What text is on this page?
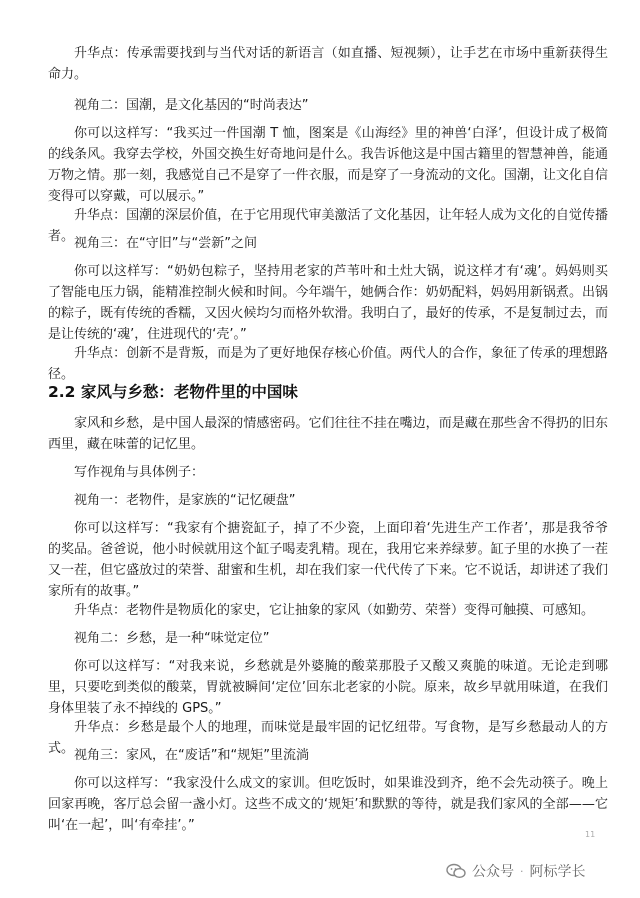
升华点：传承需要找到与当代对话的新语言（如直播、短视频），让手艺在市场中重新获得生命力。

视角二：国潮，是文化基因的“时尚表达”

你可以这样写：“我买过一件国潮 T 恤，图案是《山海经》里的神兽‘白泽’，但设计成了极简的线条风。我穿去学校，外国交换生好奇地问是什么。我告诉他这是中国古籍里的智慧神兽，能通万物之情。那一刻，我感觉自己不是穿了一件衣服，而是穿了一身流动的文化。国潮，让文化自信变得可以穿戴，可以展示。”

升华点：国潮的深层价值，在于它用现代审美激活了文化基因，让年轻人成为文化的自觉传播者。 视角三：在“守旧”与“尝新”之间

你可以这样写：“奶奶包粽子，坚持用老家的芦苇叶和土灶大锅，说这样才有‘魂’。妈妈则买了智能电压力锅，能精准控制火候和时间。今年端午，她俩合作：奶奶配料，妈妈用新锅煮。出锅的粽子，既有传统的香糯，又因火候均匀而格外软滑。我明白了，最好的传承，不是复制过去，而是让传统的‘魂’，住进现代的‘壳’。”

升华点：创新不是背叛，而是为了更好地保存核心价值。两代人的合作，象征了传承的理想路径。

2.2 家风与乡愁：老物件里的中国味

家风和乡愁，是中国人最深的情感密码。它们往往不挂在嘴边，而是藏在那些舍不得扔的旧东西里，藏在味蕾的记忆里。

写作视角与具体例子：

视角一：老物件，是家族的“记忆硬盘”

你可以这样写：“我家有个搪瓷缸子，掉了不少瓷，上面印着‘先进生产工作者’，那是我爷爷的奖品。爸爸说，他小时候就用这个缸子喝麦乳精。现在，我用它来养绿萝。缸子里的水换了一茬又一茬，但它盛放过的荣誉、甜蜜和生机，却在我们家一代代传了下来。它不说话，却讲述了我们家所有的故事。”

升华点：老物件是物质化的家史，它让抽象的家风（如勤劳、荣誉）变得可触摸、可感知。

视角二：乡愁，是一种“味觉定位”

你可以这样写：“对我来说，乡愁就是外婆腌的酸菜那股子又酸又爽脆的味道。无论走到哪里，只要吃到类似的酸菜，胃就被瞬间‘定位’回东北老家的小院。原来，故乡早就用味道，在我们身体里装了永不掉线的 GPS。”

升华点：乡愁是最个人的地理，而味觉是最牢固的记忆纽带。写食物，是写乡愁最动人的方式。 视角三：家风，在“废话”和“规矩”里流淌

你可以这样写：“我家没什么成文的家训。但吃饭时，如果谁没到齐，绝不会先动筷子。晚上回家再晚，客厅总会留一盏小灯。这些不成文的‘规矩’和默默的等待，就是我们家风的全部——它叫‘在一起’，叫‘有牵挂’。”

11
公众号 · 阿标学长
